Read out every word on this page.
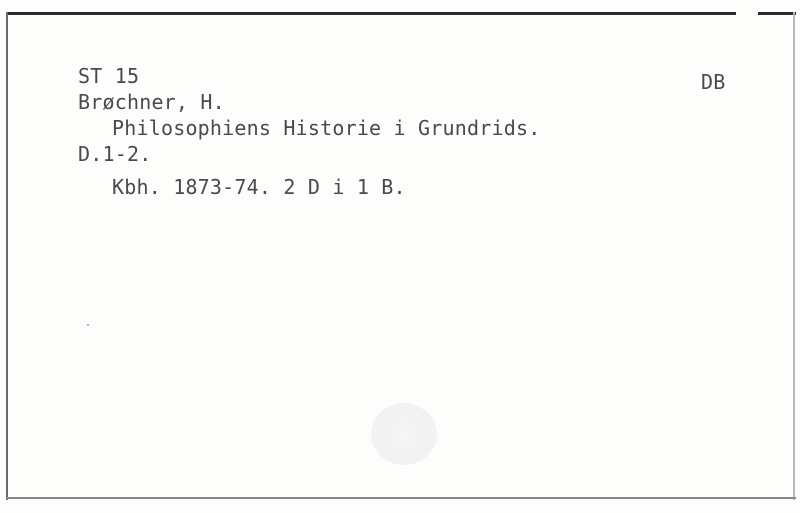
ST 15	DB
Brøchner, H.
Philosophiens Historie i Grundrids.
D.1-2.
Kbh. 1873-74. 2 D i 1 B.
